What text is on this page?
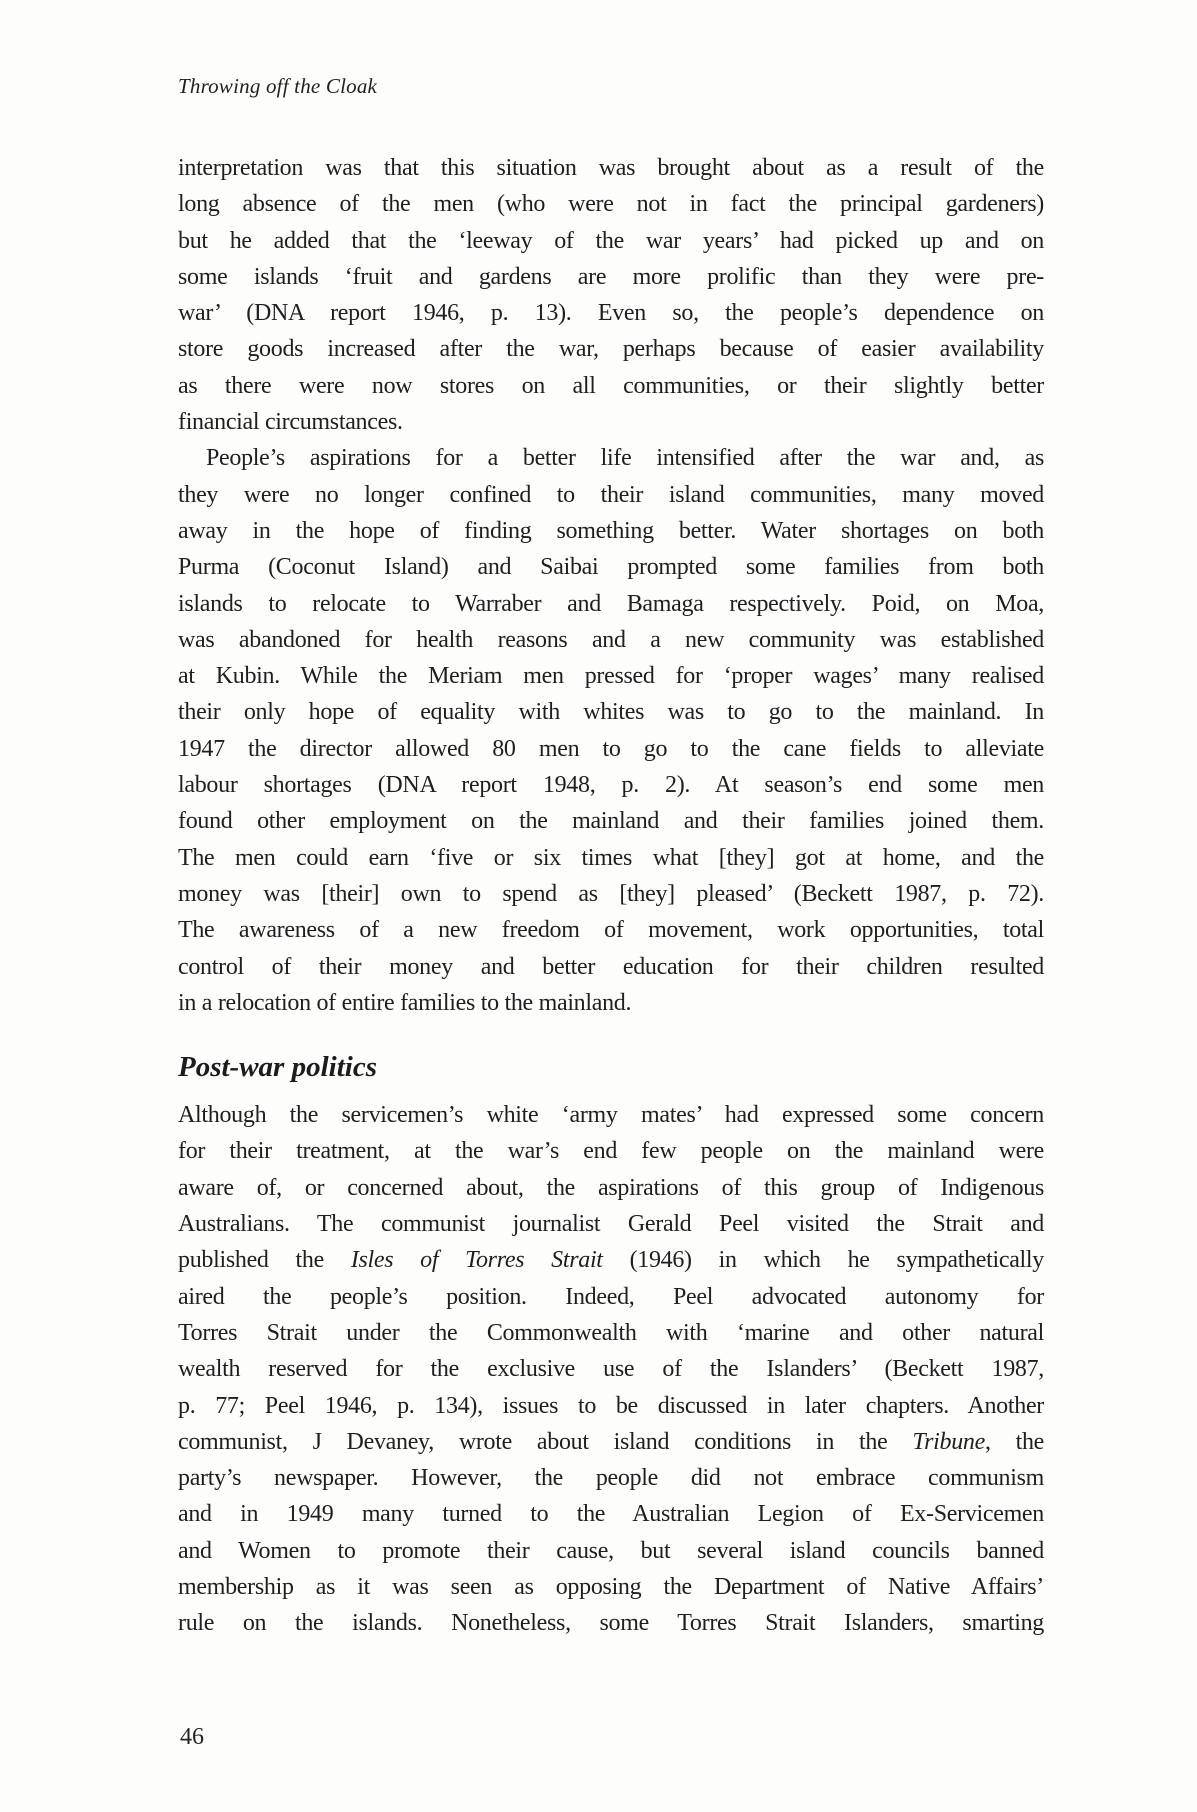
Throwing off the Cloak
interpretation was that this situation was brought about as a result of the
long absence of the men (who were not in fact the principal gardeners)
but he added that the ‘leeway of the war years’ had picked up and on
some islands ‘fruit and gardens are more prolific than they were pre-
war’ (DNA report 1946, p. 13). Even so, the people’s dependence on
store goods increased after the war, perhaps because of easier availability
as there were now stores on all communities, or their slightly better
financial circumstances.
People’s aspirations for a better life intensified after the war and, as
they were no longer confined to their island communities, many moved
away in the hope of finding something better. Water shortages on both
Purma (Coconut Island) and Saibai prompted some families from both
islands to relocate to Warraber and Bamaga respectively. Poid, on Moa,
was abandoned for health reasons and a new community was established
at Kubin. While the Meriam men pressed for ‘proper wages’ many realised
their only hope of equality with whites was to go to the mainland. In
1947 the director allowed 80 men to go to the cane fields to alleviate
labour shortages (DNA report 1948, p. 2). At season’s end some men
found other employment on the mainland and their families joined them.
The men could earn ‘five or six times what [they] got at home, and the
money was [their] own to spend as [they] pleased’ (Beckett 1987, p. 72).
The awareness of a new freedom of movement, work opportunities, total
control of their money and better education for their children resulted
in a relocation of entire families to the mainland.
Post-war politics
Although the servicemen’s white ‘army mates’ had expressed some concern
for their treatment, at the war’s end few people on the mainland were
aware of, or concerned about, the aspirations of this group of Indigenous
Australians. The communist journalist Gerald Peel visited the Strait and
published the Isles of Torres Strait (1946) in which he sympathetically
aired the people’s position. Indeed, Peel advocated autonomy for
Torres Strait under the Commonwealth with ‘marine and other natural
wealth reserved for the exclusive use of the Islanders’ (Beckett 1987,
p. 77; Peel 1946, p. 134), issues to be discussed in later chapters. Another
communist, J Devaney, wrote about island conditions in the Tribune, the
party’s newspaper. However, the people did not embrace communism
and in 1949 many turned to the Australian Legion of Ex-Servicemen
and Women to promote their cause, but several island councils banned
membership as it was seen as opposing the Department of Native Affairs’
rule on the islands. Nonetheless, some Torres Strait Islanders, smarting
46
